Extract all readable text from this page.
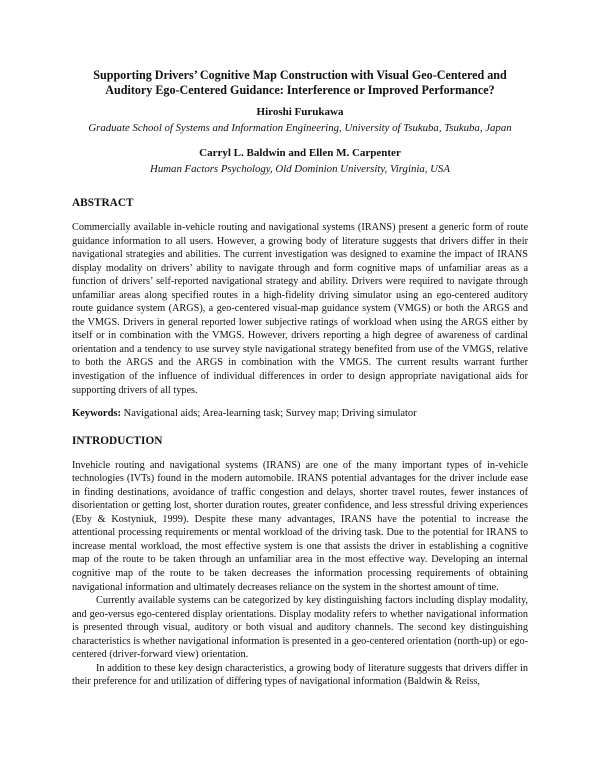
Supporting Drivers’ Cognitive Map Construction with Visual Geo-Centered and Auditory Ego-Centered Guidance: Interference or Improved Performance?

Hiroshi Furukawa

Graduate School of Systems and Information Engineering, University of Tsukuba, Tsukuba, Japan

Carryl L. Baldwin and Ellen M. Carpenter

Human Factors Psychology, Old Dominion University, Virginia, USA

ABSTRACT

Commercially available in-vehicle routing and navigational systems (IRANS) present a generic form of route guidance information to all users. However, a growing body of literature suggests that drivers differ in their navigational strategies and abilities. The current investigation was designed to examine the impact of IRANS display modality on drivers’ ability to navigate through and form cognitive maps of unfamiliar areas as a function of drivers’ self-reported navigational strategy and ability. Drivers were required to navigate through unfamiliar areas along specified routes in a high-fidelity driving simulator using an ego-centered auditory route guidance system (ARGS), a geo-centered visual-map guidance system (VMGS) or both the ARGS and the VMGS. Drivers in general reported lower subjective ratings of workload when using the ARGS either by itself or in combination with the VMGS. However, drivers reporting a high degree of awareness of cardinal orientation and a tendency to use survey style navigational strategy benefited from use of the VMGS, relative to both the ARGS and the ARGS in combination with the VMGS. The current results warrant further investigation of the influence of individual differences in order to design appropriate navigational aids for supporting drivers of all types.

Keywords: Navigational aids; Area-learning task; Survey map; Driving simulator

INTRODUCTION

Invehicle routing and navigational systems (IRANS) are one of the many important types of in-vehicle technologies (IVTs) found in the modern automobile. IRANS potential advantages for the driver include ease in finding destinations, avoidance of traffic congestion and delays, shorter travel routes, fewer instances of disorientation or getting lost, shorter duration routes, greater confidence, and less stressful driving experiences (Eby & Kostyniuk, 1999). Despite these many advantages, IRANS have the potential to increase the attentional processing requirements or mental workload of the driving task. Due to the potential for IRANS to increase mental workload, the most effective system is one that assists the driver in establishing a cognitive map of the route to be taken through an unfamiliar area in the most effective way. Developing an internal cognitive map of the route to be taken decreases the information processing requirements of obtaining navigational information and ultimately decreases reliance on the system in the shortest amount of time.

Currently available systems can be categorized by key distinguishing factors including display modality, and geo-versus ego-centered display orientations. Display modality refers to whether navigational information is presented through visual, auditory or both visual and auditory channels. The second key distinguishing characteristics is whether navigational information is presented in a geo-centered orientation (north-up) or ego-centered (driver-forward view) orientation.

In addition to these key design characteristics, a growing body of literature suggests that drivers differ in their preference for and utilization of differing types of navigational information (Baldwin & Reiss,
